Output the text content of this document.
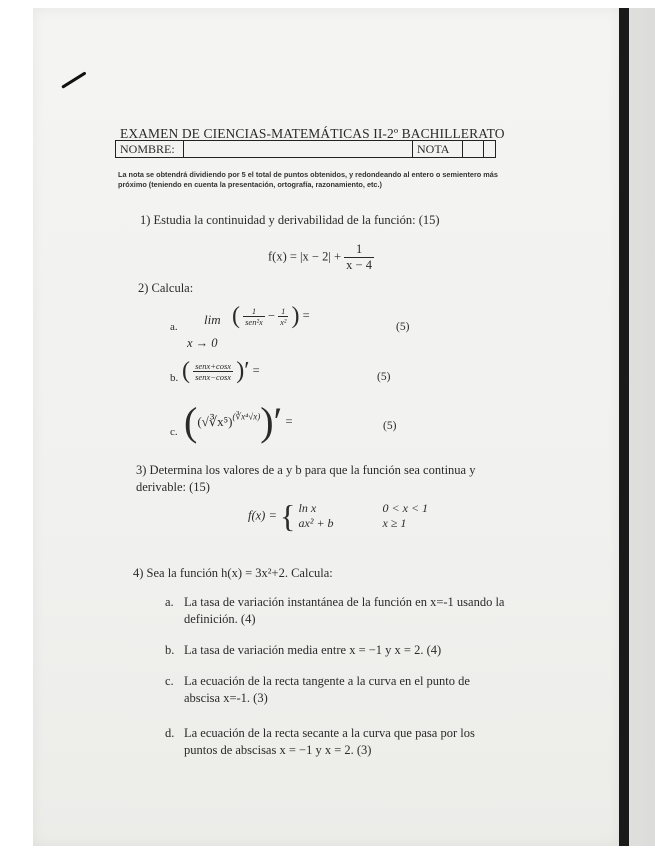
EXAMEN DE CIENCIAS-MATEMÁTICAS II-2º BACHILLERATO
NOMBRE:	NOTA
La nota se obtendrá dividiendo por 5 el total de puntos obtenidos, y redondeando al entero o semientero más próximo (teniendo en cuenta la presentación, ortografía, razonamiento, etc.)
1) Estudia la continuidad y derivabilidad de la función: (15)
$f(x) = |x - 2| + \frac{1}{x - 4}$
2) Calcula:
a. lim
x → 0
( $\frac{1}{\text{sen²x}} - \frac{1}{\text{x²}}$ ) =
(5)
b. ( $\frac{\text{senx+cosx}}{\text{senx−cosx}}$ )′ =	(5)
c. ((√∛x⁵)$^{(∛x^4√x)}$)′ =	(5)
3) Determina los valores de a y b para que la función sea continua y derivable: (15)
f(x) = { ln x	0 < x < 1
ax² + b	x ≥ 1
4) Sea la función h(x) = 3x²+2. Calcula:
a. La tasa de variación instantánea de la función en x=-1 usando la definición. (4)
b. La tasa de variación media entre x = −1 y x = 2. (4)
c. La ecuación de la recta tangente a la curva en el punto de abscisa x=-1. (3)
d. La ecuación de la recta secante a la curva que pasa por los puntos de abscisas x = −1 y x = 2. (3)
